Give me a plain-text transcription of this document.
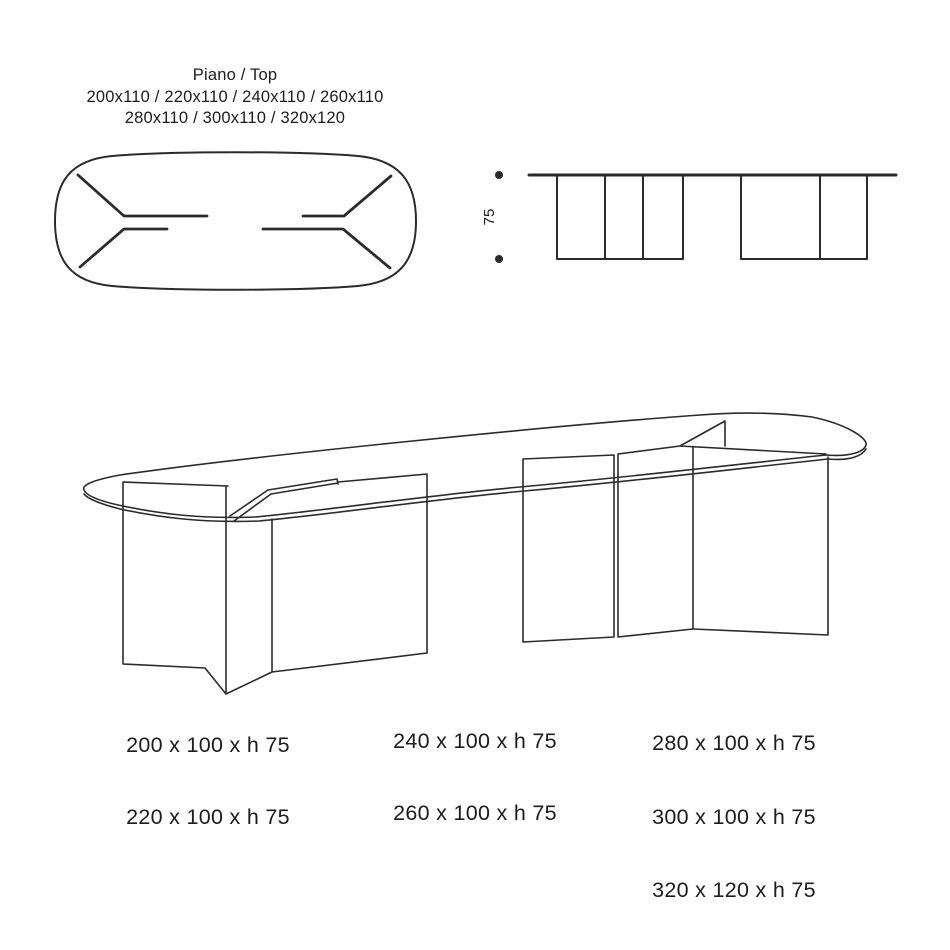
Piano / Top
200x110 / 220x110 / 240x110 / 260x110
280x110 / 300x110 / 320x120
75
200 x 100 x h 75
220 x 100 x h 75
240 x 100 x h 75
260 x 100 x h 75
280 x 100 x h 75
300 x 100 x h 75
320 x 120 x h 75
